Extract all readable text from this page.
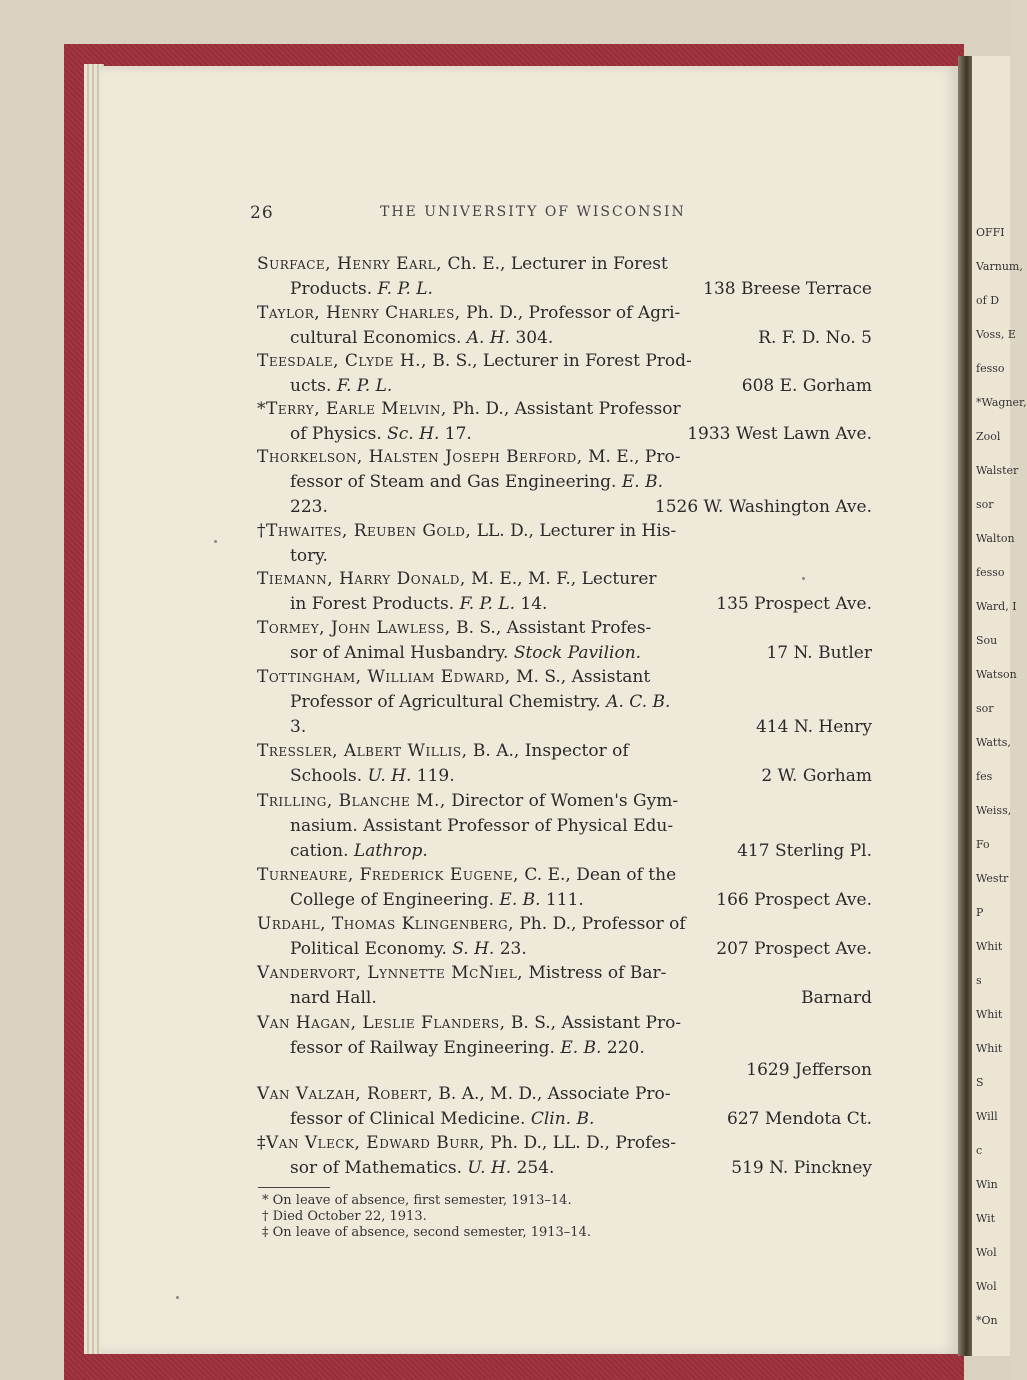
OFFI
Varnum,
of D
Voss, E
fesso
*Wagner,
Zool
Walster
sor
Walton
fesso
Ward, I
Sou
Watson
sor
Watts,
fes
Weiss,
Fo
Westr
P
Whit
s
Whit
Whit
S
Will
c
Win
Wit
Wol
Wol
*On
26	THE UNIVERSITY OF WISCONSIN
Surface, Henry Earl, Ch. E., Lecturer in Forest
Products. F. P. L.	138 Breese Terrace
Taylor, Henry Charles, Ph. D., Professor of Agri-
cultural Economics. A. H. 304.	R. F. D. No. 5
Teesdale, Clyde H., B. S., Lecturer in Forest Prod-
ucts. F. P. L.	608 E. Gorham
*Terry, Earle Melvin, Ph. D., Assistant Professor
of Physics. Sc. H. 17.	1933 West Lawn Ave.
Thorkelson, Halsten Joseph Berford, M. E., Pro-
fessor of Steam and Gas Engineering. E. B.
223.	1526 W. Washington Ave.
†Thwaites, Reuben Gold, LL. D., Lecturer in His-
tory.
Tiemann, Harry Donald, M. E., M. F., Lecturer
in Forest Products. F. P. L. 14.	135 Prospect Ave.
Tormey, John Lawless, B. S., Assistant Profes-
sor of Animal Husbandry. Stock Pavilion.	17 N. Butler
Tottingham, William Edward, M. S., Assistant
Professor of Agricultural Chemistry. A. C. B.
3.	414 N. Henry
Tressler, Albert Willis, B. A., Inspector of
Schools. U. H. 119.	2 W. Gorham
Trilling, Blanche M., Director of Women's Gym-
nasium. Assistant Professor of Physical Edu-
cation. Lathrop.	417 Sterling Pl.
Turneaure, Frederick Eugene, C. E., Dean of the
College of Engineering. E. B. 111.	166 Prospect Ave.
Urdahl, Thomas Klingenberg, Ph. D., Professor of
Political Economy. S. H. 23.	207 Prospect Ave.
Vandervort, Lynnette McNiel, Mistress of Bar-
nard Hall.	Barnard
Van Hagan, Leslie Flanders, B. S., Assistant Pro-
fessor of Railway Engineering. E. B. 220.
1629 Jefferson
Van Valzah, Robert, B. A., M. D., Associate Pro-
fessor of Clinical Medicine. Clin. B.	627 Mendota Ct.
‡Van Vleck, Edward Burr, Ph. D., LL. D., Profes-
sor of Mathematics. U. H. 254.	519 N. Pinckney
* On leave of absence, first semester, 1913–14.
† Died October 22, 1913.
‡ On leave of absence, second semester, 1913–14.
